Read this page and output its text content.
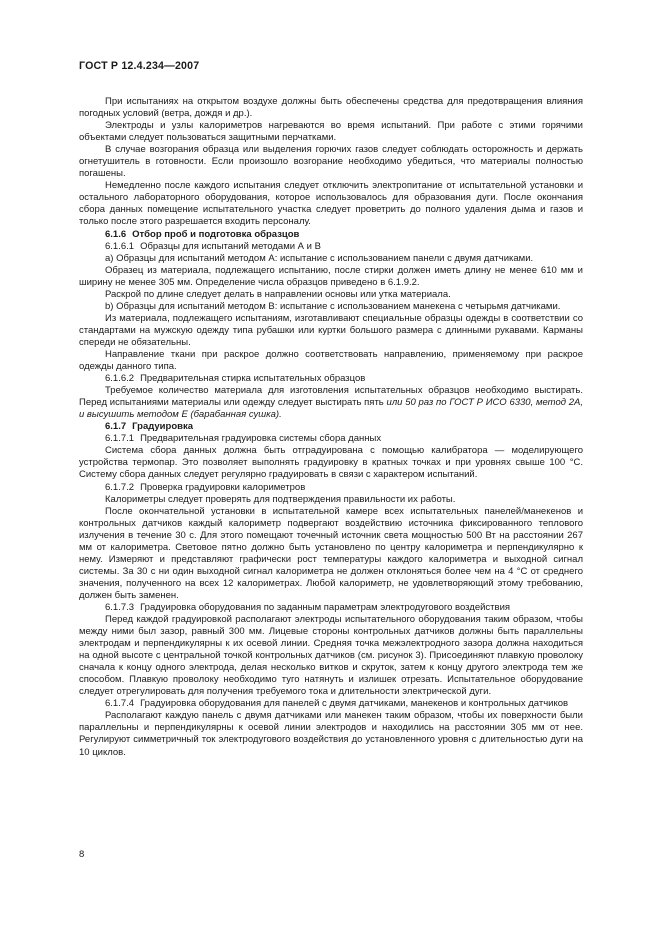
ГОСТ Р 12.4.234—2007

При испытаниях на открытом воздухе должны быть обеспечены средства для предотвращения влияния погодных условий (ветра, дождя и др.).

Электроды и узлы калориметров нагреваются во время испытаний. При работе с этими горячими объектами следует пользоваться защитными перчатками.

В случае возгорания образца или выделения горючих газов следует соблюдать осторожность и держать огнетушитель в готовности. Если произошло возгорание необходимо убедиться, что материалы полностью погашены.

Немедленно после каждого испытания следует отключить электропитание от испытательной установки и остального лабораторного оборудования, которое использовалось для образования дуги. После окончания сбора данных помещение испытательного участка следует проветрить до полного удаления дыма и газов и только после этого разрешается входить персоналу.

6.1.6 Отбор проб и подготовка образцов

6.1.6.1 Образцы для испытаний методами А и В

а) Образцы для испытаний методом А: испытание с использованием панели с двумя датчиками.

Образец из материала, подлежащего испытанию, после стирки должен иметь длину не менее 610 мм и ширину не менее 305 мм. Определение числа образцов приведено в 6.1.9.2.

Раскрой по длине следует делать в направлении основы или утка материала.

b) Образцы для испытаний методом В: испытание с использованием манекена с четырьмя датчиками.

Из материала, подлежащего испытаниям, изготавливают специальные образцы одежды в соответствии со стандартами на мужскую одежду типа рубашки или куртки большого размера с длинными рукавами. Карманы спереди не обязательны.

Направление ткани при раскрое должно соответствовать направлению, применяемому при раскрое одежды данного типа.

6.1.6.2 Предварительная стирка испытательных образцов

Требуемое количество материала для изготовления испытательных образцов необходимо выстирать. Перед испытаниями материалы или одежду следует выстирать пять или 50 раз по ГОСТ Р ИСО 6330, метод 2А, и высушить методом Е (барабанная сушка).

6.1.7 Градуировка

6.1.7.1 Предварительная градуировка системы сбора данных

Система сбора данных должна быть отградуирована с помощью калибратора — моделирующего устройства термопар. Это позволяет выполнять градуировку в кратных точках и при уровнях свыше 100 °С. Систему сбора данных следует регулярно градуировать в связи с характером испытаний.

6.1.7.2 Проверка градуировки калориметров

Калориметры следует проверять для подтверждения правильности их работы.

После окончательной установки в испытательной камере всех испытательных панелей/манекенов и контрольных датчиков каждый калориметр подвергают воздействию источника фиксированного теплового излучения в течение 30 с. Для этого помещают точечный источник света мощностью 500 Вт на расстоянии 267 мм от калориметра. Световое пятно должно быть установлено по центру калориметра и перпендикулярно к нему. Измеряют и представляют графически рост температуры каждого калориметра и выходной сигнал системы. За 30 с ни один выходной сигнал калориметра не должен отклоняться более чем на 4 °С от среднего значения, полученного на всех 12 калориметрах. Любой калориметр, не удовлетворяющий этому требованию, должен быть заменен.

6.1.7.3 Градуировка оборудования по заданным параметрам электродугового воздействия

Перед каждой градуировкой располагают электроды испытательного оборудования таким образом, чтобы между ними был зазор, равный 300 мм. Лицевые стороны контрольных датчиков должны быть параллельны электродам и перпендикулярны к их осевой линии. Средняя точка межэлектродного зазора должна находиться на одной высоте с центральной точкой контрольных датчиков (см. рисунок 3). Присоединяют плавкую проволоку сначала к концу одного электрода, делая несколько витков и скруток, затем к концу другого электрода тем же способом. Плавкую проволоку необходимо туго натянуть и излишек отрезать. Испытательное оборудование следует отрегулировать для получения требуемого тока и длительности электрической дуги.

6.1.7.4 Градуировка оборудования для панелей с двумя датчиками, манекенов и контрольных датчиков

Располагают каждую панель с двумя датчиками или манекен таким образом, чтобы их поверхности были параллельны и перпендикулярны к осевой линии электродов и находились на расстоянии 305 мм от нее. Регулируют симметричный ток электродугового воздействия до установленного уровня с длительностью дуги на 10 циклов.

8
